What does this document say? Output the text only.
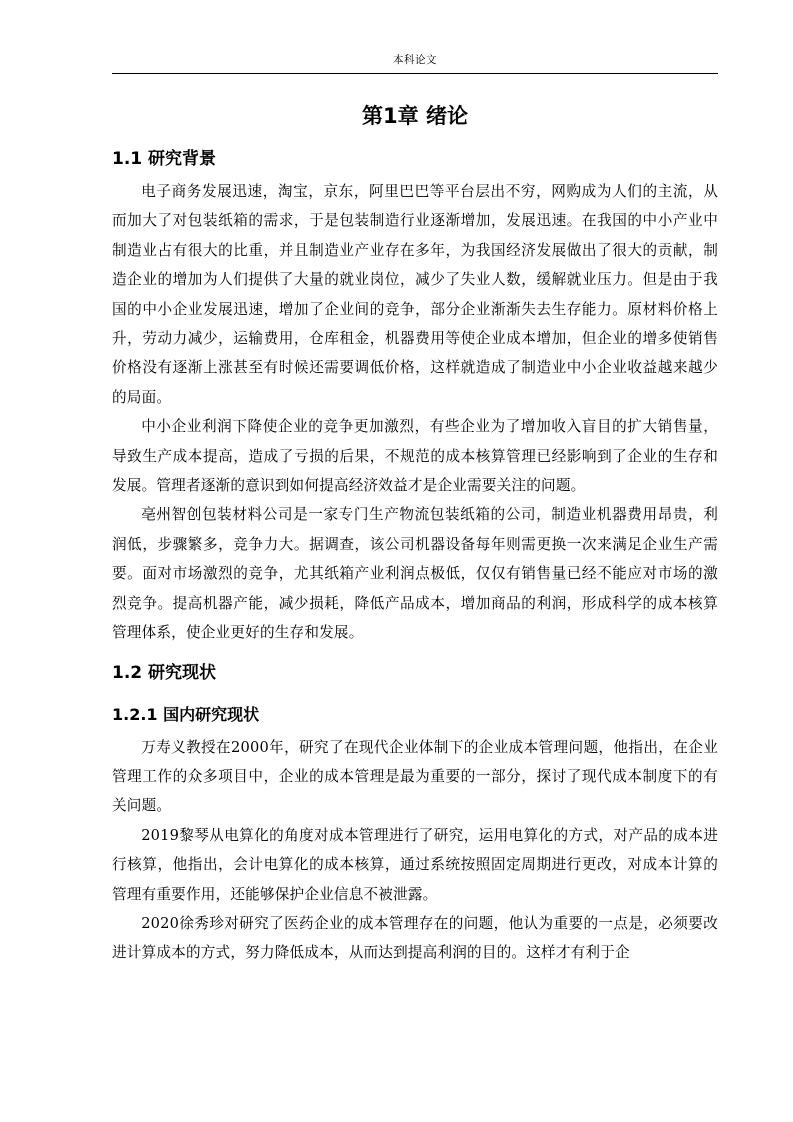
本科论文
第1章 绪论
1.1 研究背景

电子商务发展迅速，淘宝，京东，阿里巴巴等平台层出不穷，网购成为人们的主流，从而加大了对包装纸箱的需求，于是包装制造行业逐渐增加，发展迅速。在我国的中小产业中制造业占有很大的比重，并且制造业产业存在多年，为我国经济发展做出了很大的贡献，制造企业的增加为人们提供了大量的就业岗位，减少了失业人数，缓解就业压力。但是由于我国的中小企业发展迅速，增加了企业间的竞争，部分企业渐渐失去生存能力。原材料价格上升，劳动力减少，运输费用，仓库租金，机器费用等使企业成本增加，但企业的增多使销售价格没有逐渐上涨甚至有时候还需要调低价格，这样就造成了制造业中小企业收益越来越少的局面。

中小企业利润下降使企业的竞争更加激烈，有些企业为了增加收入盲目的扩大销售量，导致生产成本提高，造成了亏损的后果，不规范的成本核算管理已经影响到了企业的生存和发展。管理者逐渐的意识到如何提高经济效益才是企业需要关注的问题。

亳州智创包装材料公司是一家专门生产物流包装纸箱的公司，制造业机器费用昂贵，利润低，步骤繁多，竞争力大。据调查，该公司机器设备每年则需更换一次来满足企业生产需要。面对市场激烈的竞争，尤其纸箱产业利润点极低，仅仅有销售量已经不能应对市场的激烈竞争。提高机器产能，减少损耗，降低产品成本，增加商品的利润，形成科学的成本核算管理体系，使企业更好的生存和发展。

1.2 研究现状
1.2.1 国内研究现状

万寿义教授在2000年，研究了在现代企业体制下的企业成本管理问题，他指出，在企业管理工作的众多项目中，企业的成本管理是最为重要的一部分，探讨了现代成本制度下的有关问题。

2019黎琴从电算化的角度对成本管理进行了研究，运用电算化的方式，对产品的成本进行核算，他指出，会计电算化的成本核算，通过系统按照固定周期进行更改，对成本计算的管理有重要作用，还能够保护企业信息不被泄露。

2020徐秀珍对研究了医药企业的成本管理存在的问题，他认为重要的一点是，必须要改进计算成本的方式，努力降低成本，从而达到提高利润的目的。这样才有利于企
